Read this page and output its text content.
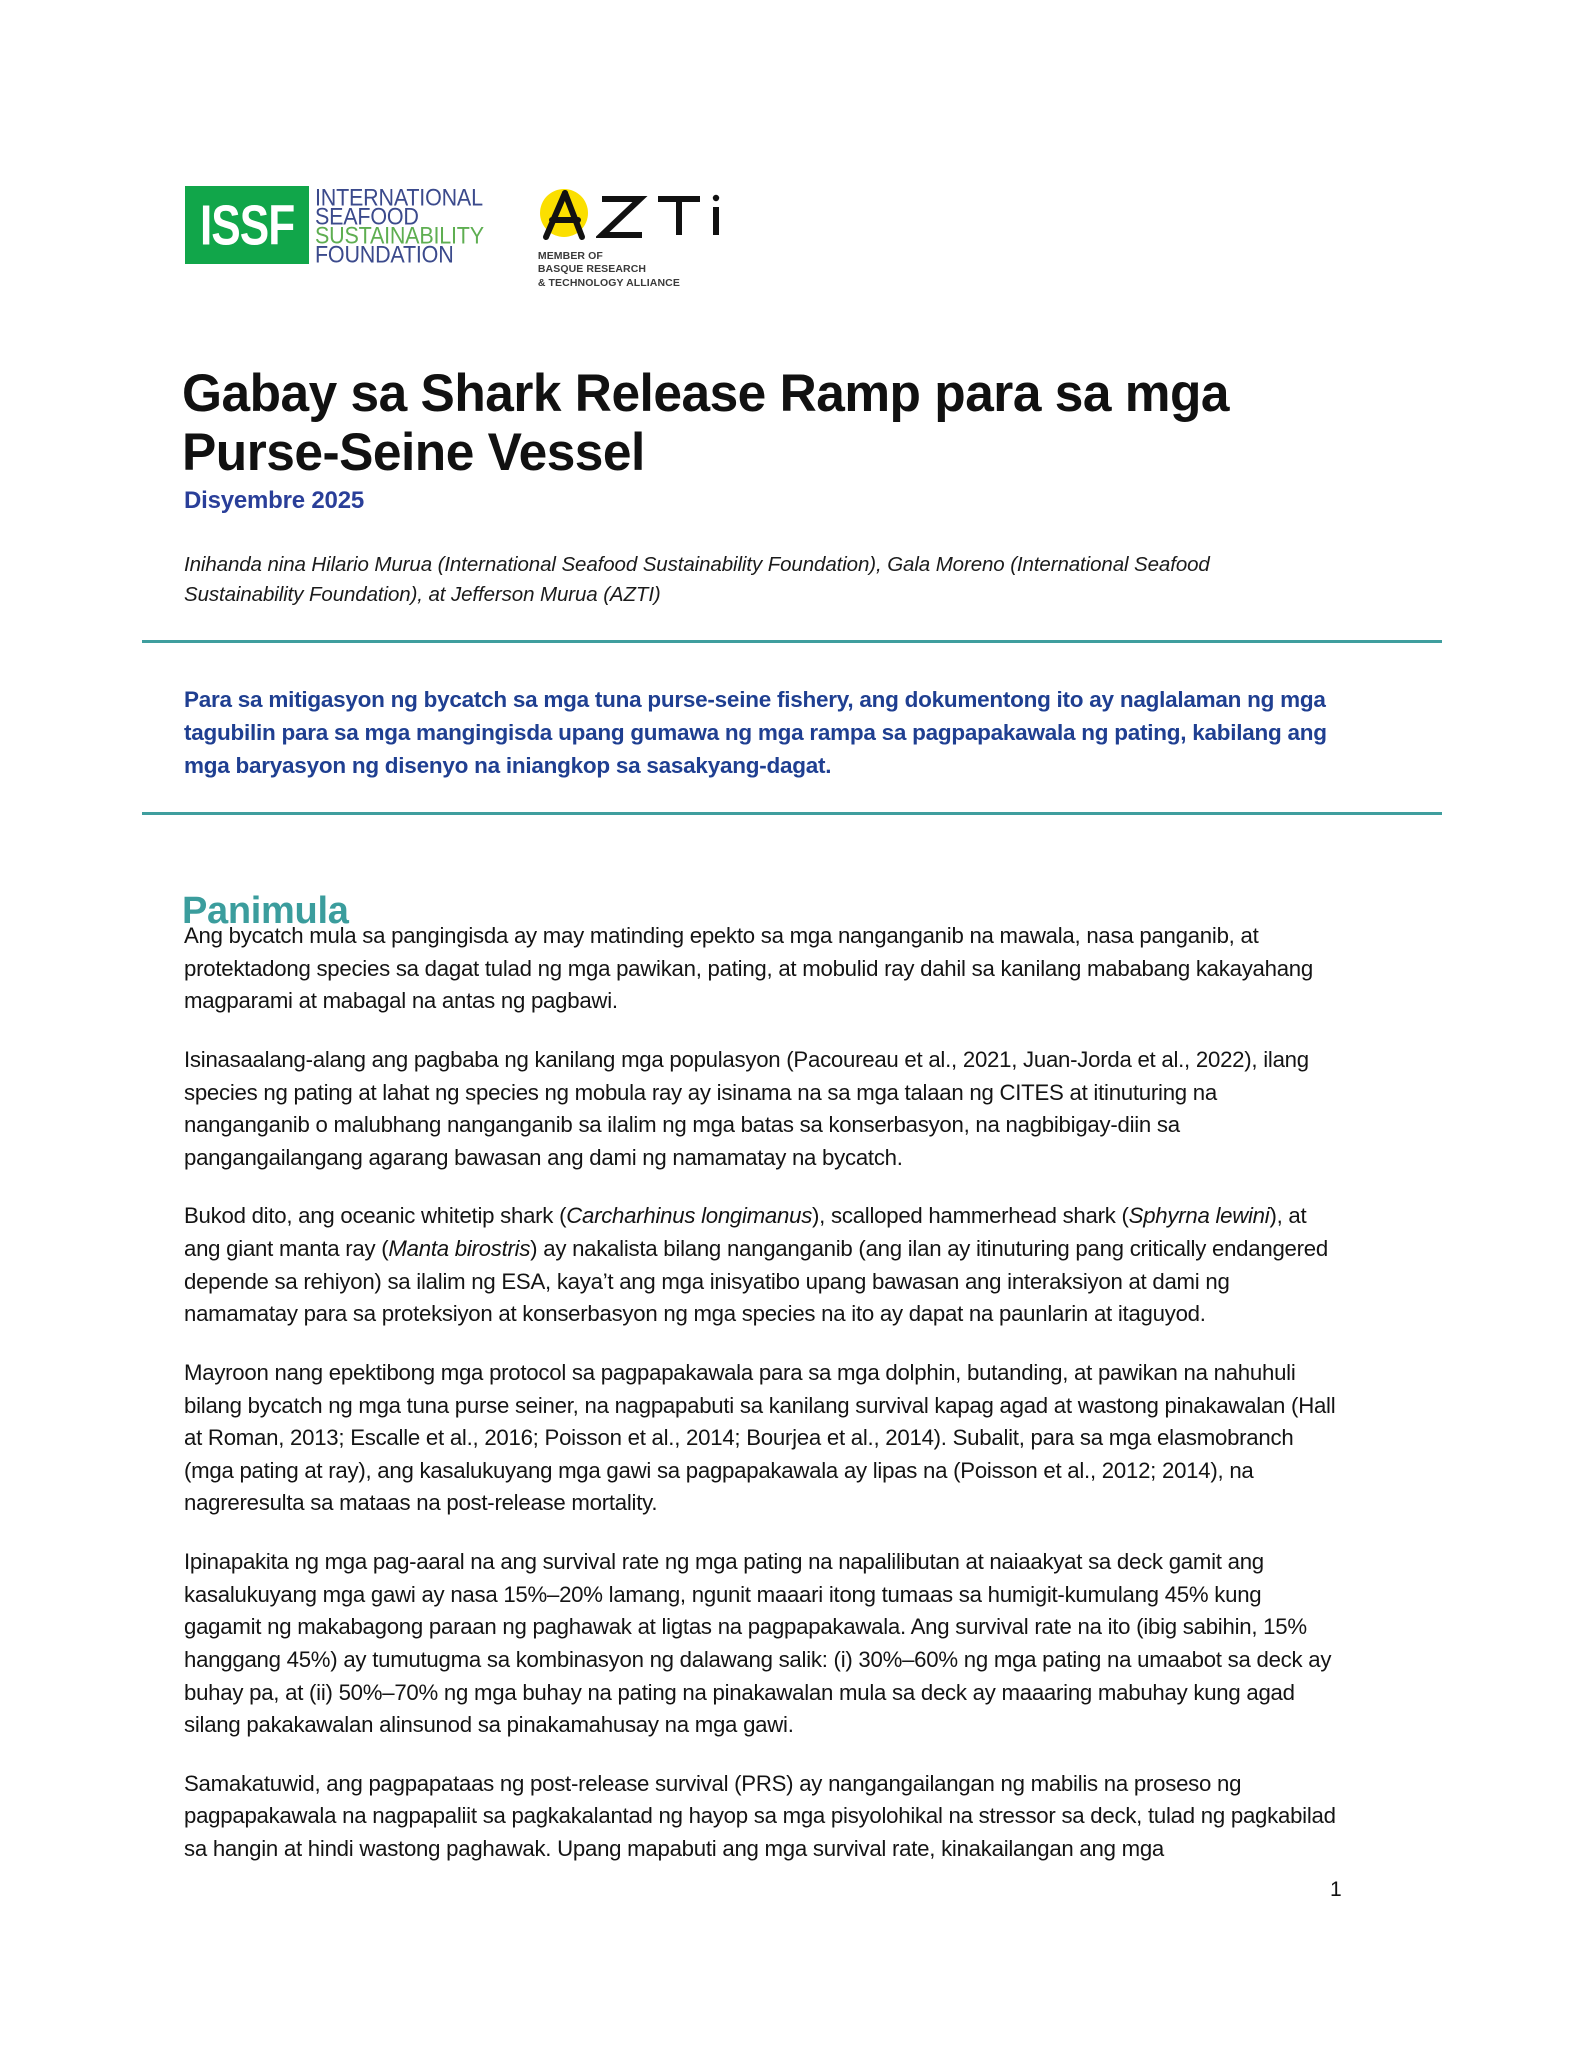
ISSF INTERNATIONAL
SEAFOOD
SUSTAINABILITY
FOUNDATION	MEMBER OF
BASQUE RESEARCH
& TECHNOLOGY ALLIANCE
Gabay sa Shark Release Ramp para sa mga Purse-Seine Vessel
Disyembre 2025
Inihanda nina Hilario Murua (International Seafood Sustainability Foundation), Gala Moreno (International Seafood Sustainability Foundation), at Jefferson Murua (AZTI)
Para sa mitigasyon ng bycatch sa mga tuna purse-seine fishery, ang dokumentong ito ay naglalaman ng mga tagubilin para sa mga mangingisda upang gumawa ng mga rampa sa pagpapakawala ng pating, kabilang ang mga baryasyon ng disenyo na iniangkop sa sasakyang-dagat.
Panimula

Ang bycatch mula sa pangingisda ay may matinding epekto sa mga nanganganib na mawala, nasa panganib, at protektadong species sa dagat tulad ng mga pawikan, pating, at mobulid ray dahil sa kanilang mababang kakayahang magparami at mabagal na antas ng pagbawi.

Isinasaalang-alang ang pagbaba ng kanilang mga populasyon (Pacoureau et al., 2021, Juan-Jorda et al., 2022), ilang species ng pating at lahat ng species ng mobula ray ay isinama na sa mga talaan ng CITES at itinuturing na nanganganib o malubhang nanganganib sa ilalim ng mga batas sa konserbasyon, na nagbibigay-diin sa pangangailangang agarang bawasan ang dami ng namamatay na bycatch.

Bukod dito, ang oceanic whitetip shark (Carcharhinus longimanus), scalloped hammerhead shark (Sphyrna lewini), at ang giant manta ray (Manta birostris) ay nakalista bilang nanganganib (ang ilan ay itinuturing pang critically endangered depende sa rehiyon) sa ilalim ng ESA, kaya’t ang mga inisyatibo upang bawasan ang interaksiyon at dami ng namamatay para sa proteksiyon at konserbasyon ng mga species na ito ay dapat na paunlarin at itaguyod.

Mayroon nang epektibong mga protocol sa pagpapakawala para sa mga dolphin, butanding, at pawikan na nahuhuli bilang bycatch ng mga tuna purse seiner, na nagpapabuti sa kanilang survival kapag agad at wastong pinakawalan (Hall at Roman, 2013; Escalle et al., 2016; Poisson et al., 2014; Bourjea et al., 2014). Subalit, para sa mga elasmobranch (mga pating at ray), ang kasalukuyang mga gawi sa pagpapakawala ay lipas na (Poisson et al., 2012; 2014), na nagreresulta sa mataas na post-release mortality.

Ipinapakita ng mga pag-aaral na ang survival rate ng mga pating na napalilibutan at naiaakyat sa deck gamit ang kasalukuyang mga gawi ay nasa 15%–20% lamang, ngunit maaari itong tumaas sa humigit-kumulang 45% kung gagamit ng makabagong paraan ng paghawak at ligtas na pagpapakawala. Ang survival rate na ito (ibig sabihin, 15% hanggang 45%) ay tumutugma sa kombinasyon ng dalawang salik: (i) 30%–60% ng mga pating na umaabot sa deck ay buhay pa, at (ii) 50%–70% ng mga buhay na pating na pinakawalan mula sa deck ay maaaring mabuhay kung agad silang pakakawalan alinsunod sa pinakamahusay na mga gawi.

Samakatuwid, ang pagpapataas ng post-release survival (PRS) ay nangangailangan ng mabilis na proseso ng pagpapakawala na nagpapaliit sa pagkakalantad ng hayop sa mga pisyolohikal na stressor sa deck, tulad ng pagkabilad sa hangin at hindi wastong paghawak. Upang mapabuti ang mga survival rate, kinakailangan ang mga

1
